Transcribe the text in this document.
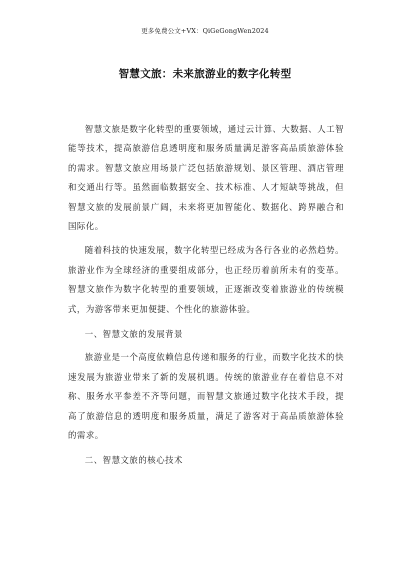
更多免费公文+VX：QiGeGongWen2024
智慧文旅：未来旅游业的数字化转型

智慧文旅是数字化转型的重要领域，通过云计算、大数据、人工智能等技术，提高旅游信息透明度和服务质量满足游客高品质旅游体验的需求。智慧文旅应用场景广泛包括旅游规划、景区管理、酒店管理和交通出行等。虽然面临数据安全、技术标准、人才短缺等挑战，但智慧文旅的发展前景广阔，未来将更加智能化、数据化、跨界融合和国际化。

随着科技的快速发展，数字化转型已经成为各行各业的必然趋势。旅游业作为全球经济的重要组成部分，也正经历着前所未有的变革。智慧文旅作为数字化转型的重要领域，正逐渐改变着旅游业的传统模式，为游客带来更加便捷、个性化的旅游体验。

一、智慧文旅的发展背景

旅游业是一个高度依赖信息传递和服务的行业，而数字化技术的快速发展为旅游业带来了新的发展机遇。传统的旅游业存在着信息不对称、服务水平参差不齐等问题，而智慧文旅通过数字化技术手段，提高了旅游信息的透明度和服务质量，满足了游客对于高品质旅游体验的需求。

二、智慧文旅的核心技术
